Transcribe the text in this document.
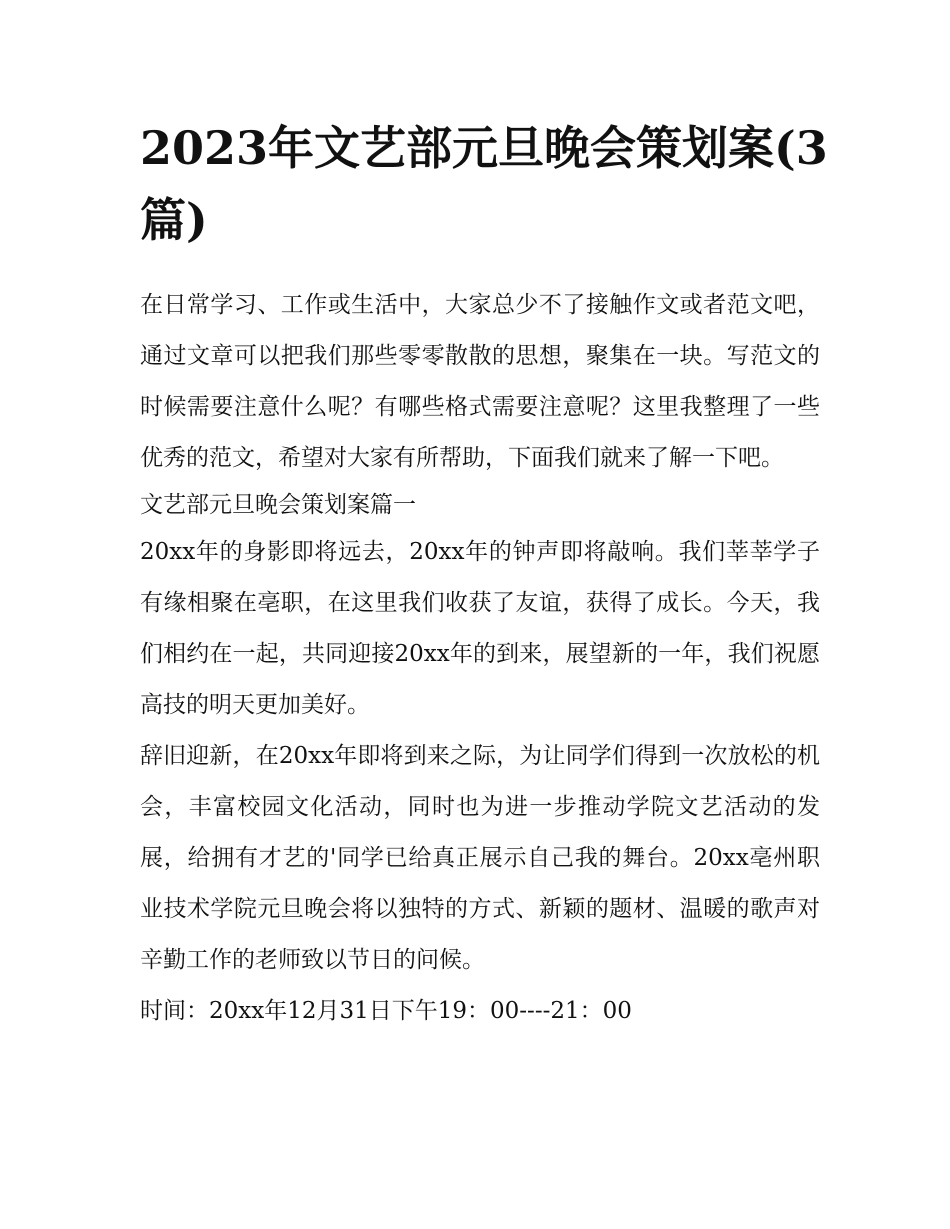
2023年文艺部元旦晚会策划案(3篇)

在日常学习、工作或生活中，大家总少不了接触作文或者范文吧，通过文章可以把我们那些零零散散的思想，聚集在一块。写范文的时候需要注意什么呢？有哪些格式需要注意呢？这里我整理了一些优秀的范文，希望对大家有所帮助，下面我们就来了解一下吧。

文艺部元旦晚会策划案篇一

20xx年的身影即将远去，20xx年的钟声即将敲响。我们莘莘学子有缘相聚在亳职，在这里我们收获了友谊，获得了成长。今天，我们相约在一起，共同迎接20xx年的到来，展望新的一年，我们祝愿高技的明天更加美好。

辞旧迎新，在20xx年即将到来之际，为让同学们得到一次放松的机会，丰富校园文化活动，同时也为进一步推动学院文艺活动的发展，给拥有才艺的'同学已给真正展示自己我的舞台。20xx亳州职业技术学院元旦晚会将以独特的方式、新颖的题材、温暖的歌声对辛勤工作的老师致以节日的问候。

时间：20xx年12月31日下午19：00----21：00
